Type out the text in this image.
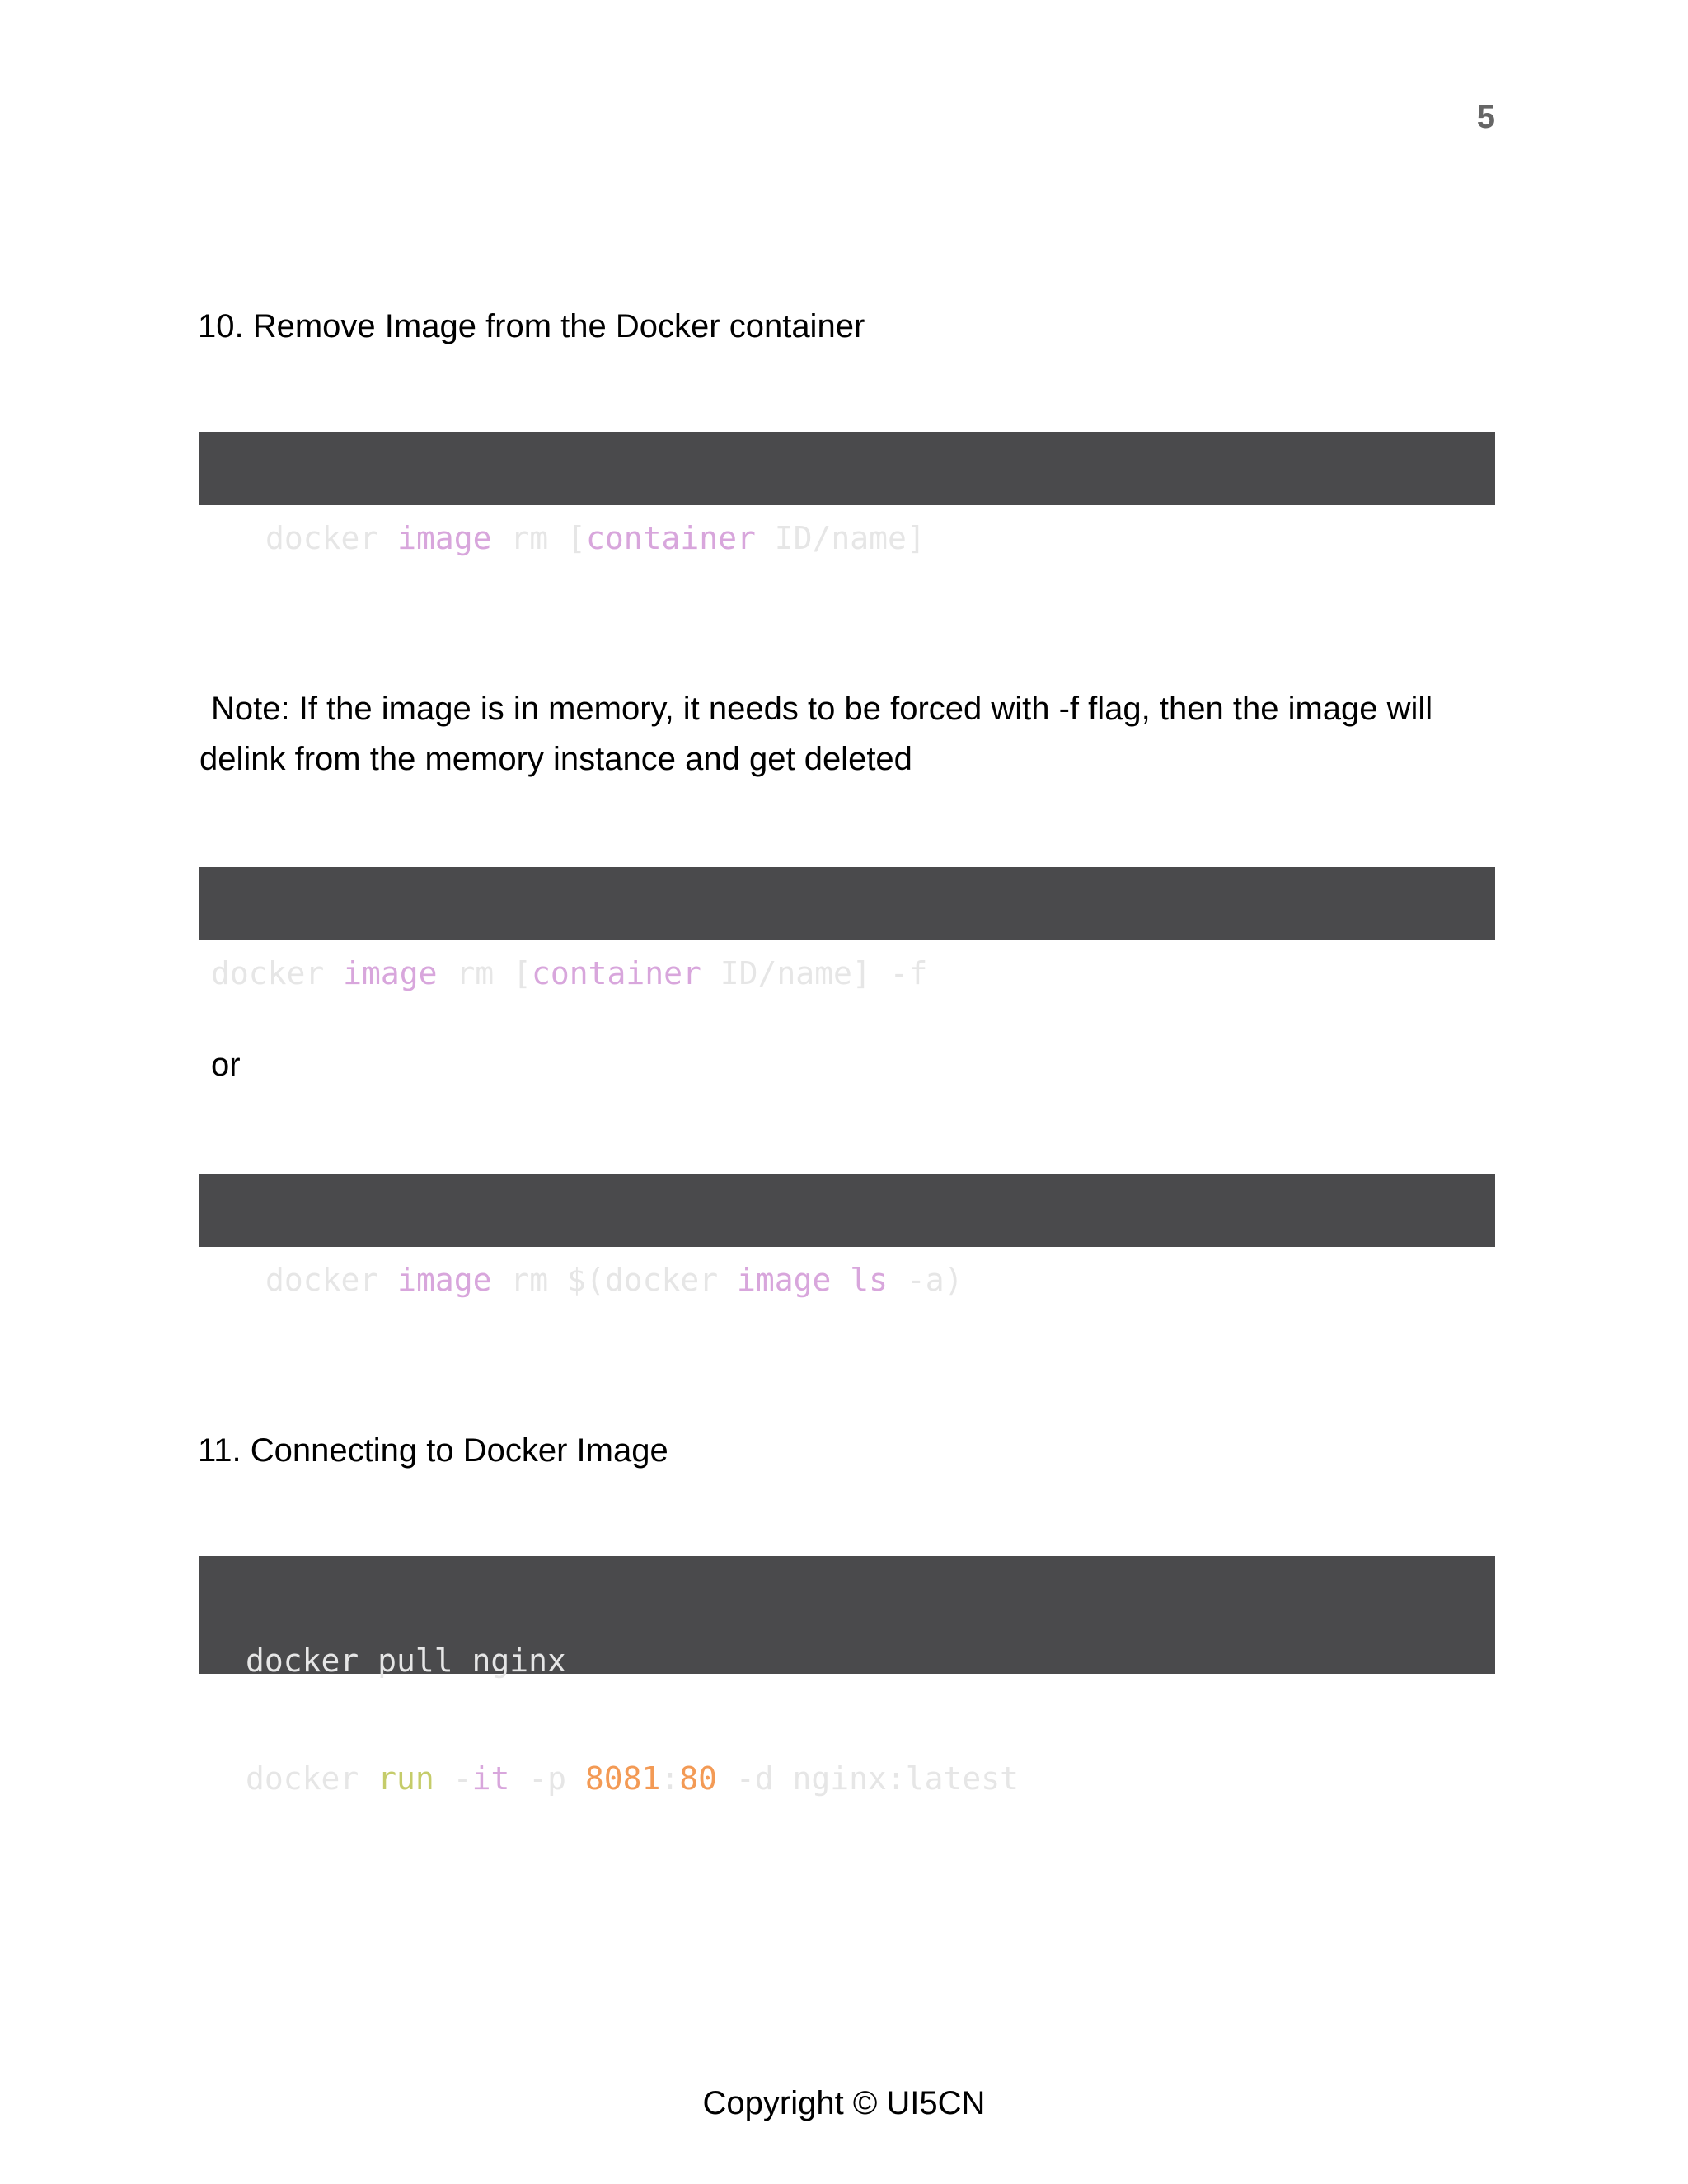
5
10. Remove Image from the Docker container

docker image rm [container ID/name]

Note: If the image is in memory, it needs to be forced with -f flag, then the image will delink from the memory instance and get deleted

docker image rm [container ID/name] -f

or

docker image rm $(docker image ls -a)

11. Connecting to Docker Image

docker pull nginx

docker run -it -p 8081:80 -d nginx:latest

Copyright © UI5CN
